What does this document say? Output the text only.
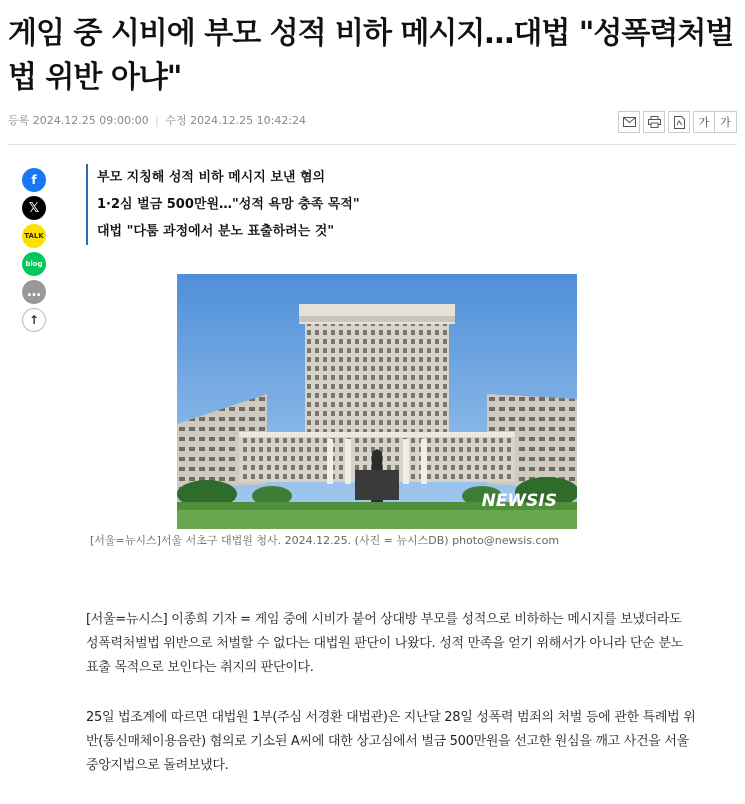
게임 중 시비에 부모 성적 비하 메시지…대법 "성폭력처벌법 위반 아냐"
등록 2024.12.25 09:00:00 | 수정 2024.12.25 10:42:24	가 가
f
𝕏
TALK
blog
…
↑
부모 지칭해 성적 비하 메시지 보낸 혐의
1·2심 벌금 500만원…"성적 욕망 충족 목적"
대법 "다툼 과정에서 분노 표출하려는 것"
NEWSIS
[서울=뉴시스]서울 서초구 대법원 청사. 2024.12.25. (사진 = 뉴시스DB) photo@newsis.com

[서울=뉴시스] 이종희 기자 = 게임 중에 시비가 붙어 상대방 부모를 성적으로 비하하는 메시지를 보냈더라도 성폭력처벌법 위반으로 처벌할 수 없다는 대법원 판단이 나왔다. 성적 만족을 얻기 위해서가 아니라 단순 분노 표출 목적으로 보인다는 취지의 판단이다.

25일 법조계에 따르면 대법원 1부(주심 서경환 대법관)은 지난달 28일 성폭력 범죄의 처벌 등에 관한 특례법 위반(통신매체이용음란) 혐의로 기소된 A씨에 대한 상고심에서 벌금 500만원을 선고한 원심을 깨고 사건을 서울중앙지법으로 돌려보냈다.
